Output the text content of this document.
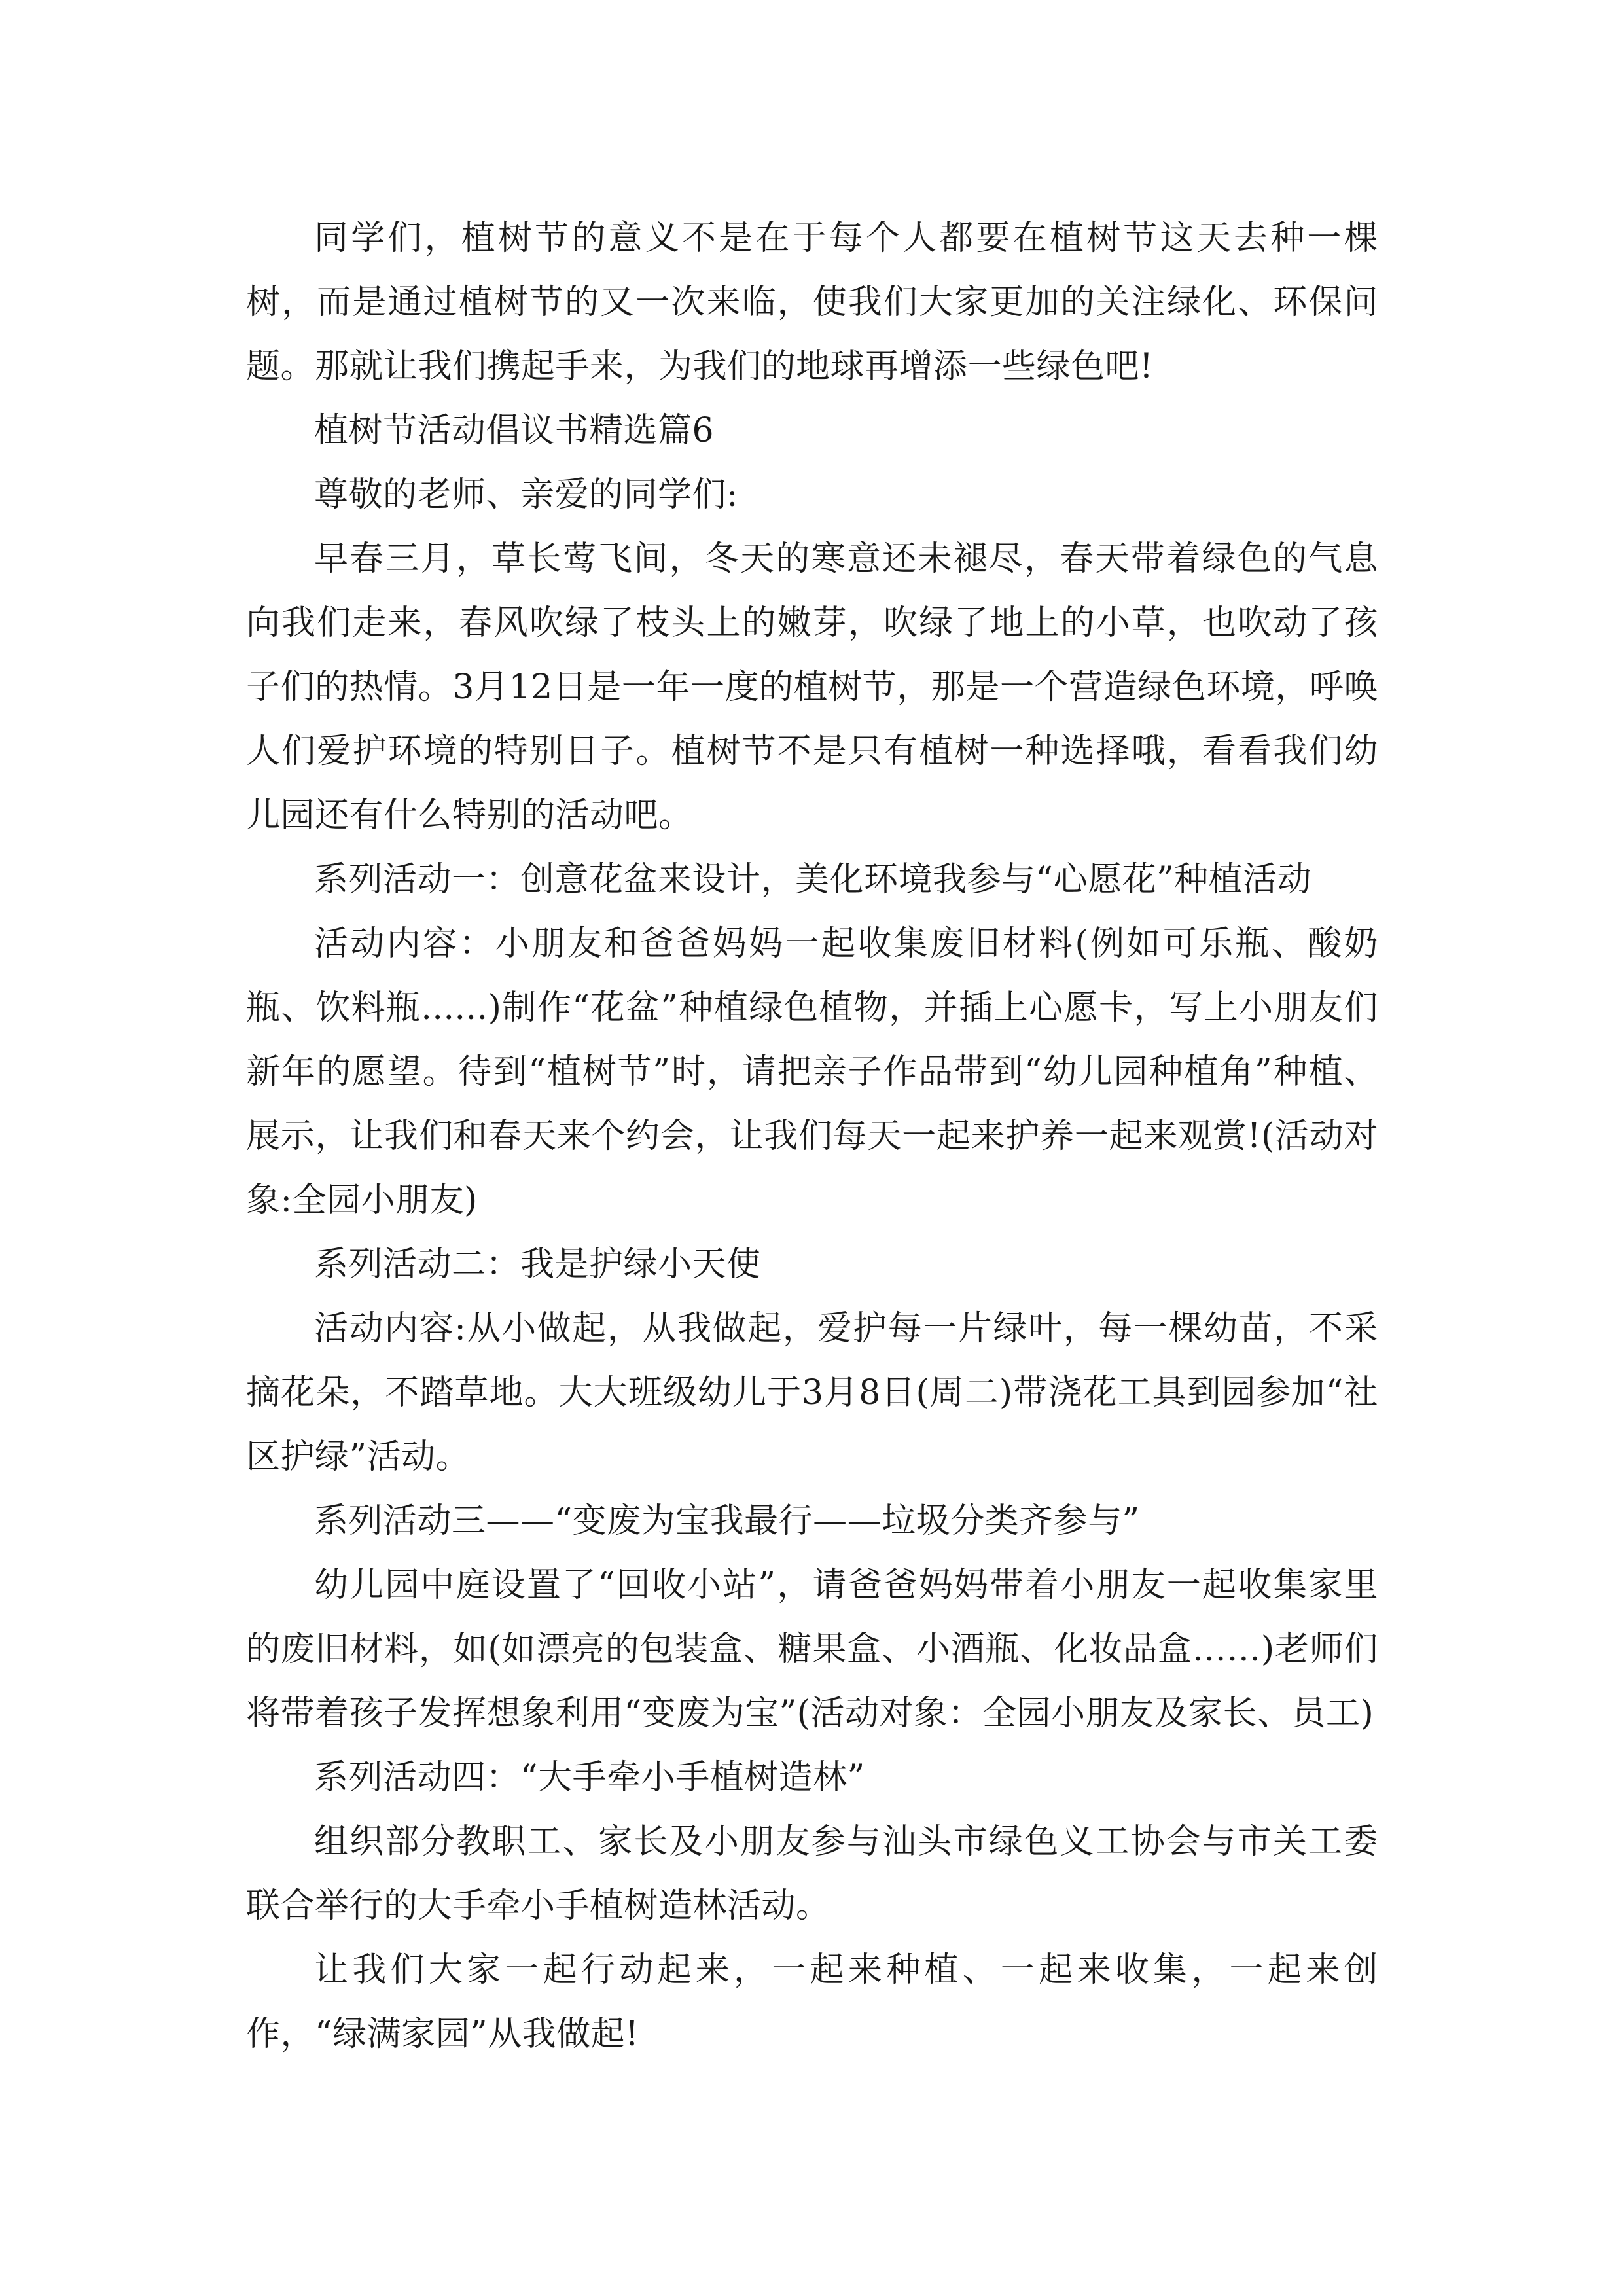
同学们，植树节的意义不是在于每个人都要在植树节这天去种一棵树，而是通过植树节的又一次来临，使我们大家更加的关注绿化、环保问题。那就让我们携起手来，为我们的地球再增添一些绿色吧!

植树节活动倡议书精选篇6

尊敬的老师、亲爱的同学们:

早春三月，草长莺飞间，冬天的寒意还未褪尽，春天带着绿色的气息向我们走来，春风吹绿了枝头上的嫩芽，吹绿了地上的小草，也吹动了孩子们的热情。3月12日是一年一度的植树节，那是一个营造绿色环境，呼唤人们爱护环境的特别日子。植树节不是只有植树一种选择哦，看看我们幼儿园还有什么特别的活动吧。

系列活动一：创意花盆来设计，美化环境我参与“心愿花”种植活动

活动内容：小朋友和爸爸妈妈一起收集废旧材料(例如可乐瓶、酸奶瓶、饮料瓶......)制作“花盆”种植绿色植物，并插上心愿卡，写上小朋友们新年的愿望。待到“植树节”时，请把亲子作品带到“幼儿园种植角”种植、展示，让我们和春天来个约会，让我们每天一起来护养一起来观赏!(活动对象:全园小朋友)

系列活动二：我是护绿小天使

活动内容:从小做起，从我做起，爱护每一片绿叶，每一棵幼苗，不采摘花朵，不踏草地。大大班级幼儿于3月8日(周二)带浇花工具到园参加“社区护绿”活动。

系列活动三——“变废为宝我最行——垃圾分类齐参与”

幼儿园中庭设置了“回收小站”，请爸爸妈妈带着小朋友一起收集家里的废旧材料，如(如漂亮的包装盒、糖果盒、小酒瓶、化妆品盒……)老师们将带着孩子发挥想象利用“变废为宝”(活动对象：全园小朋友及家长、员工)

系列活动四：“大手牵小手植树造林”

组织部分教职工、家长及小朋友参与汕头市绿色义工协会与市关工委联合举行的大手牵小手植树造林活动。

让我们大家一起行动起来，一起来种植、一起来收集，一起来创作，“绿满家园”从我做起!
